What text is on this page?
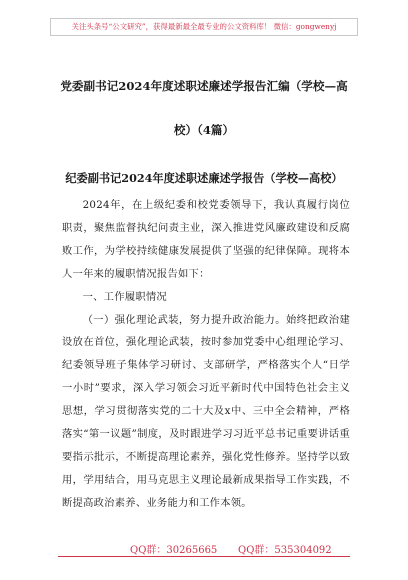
关注头条号“公文研究”，获得最新最全最专业的公文资料库！ 微信：gongwenyj
党委副书记2024年度述职述廉述学报告汇编（学校—高
校）（4篇）
纪委副书记2024年度述职述廉述学报告（学校—高校）

2024年，在上级纪委和校党委领导下，我认真履行岗位职责，聚焦监督执纪问责主业，深入推进党风廉政建设和反腐败工作，为学校持续健康发展提供了坚强的纪律保障。现将本人一年来的履职情况报告如下：

一、工作履职情况

（一）强化理论武装，努力提升政治能力。始终把政治建设放在首位，强化理论武装，按时参加党委中心组理论学习、纪委领导班子集体学习研讨、支部研学，严格落实个人“日学一小时”要求，深入学习领会习近平新时代中国特色社会主义思想，学习贯彻落实党的二十大及x中、三中全会精神，严格落实“第一议题”制度，及时跟进学习习近平总书记重要讲话重要指示批示，不断提高理论素养，强化党性修养。坚持学以致用，学用结合，用马克思主义理论最新成果指导工作实践，不断提高政治素养、业务能力和工作本领。

QQ群：30265665 QQ群：535304092
